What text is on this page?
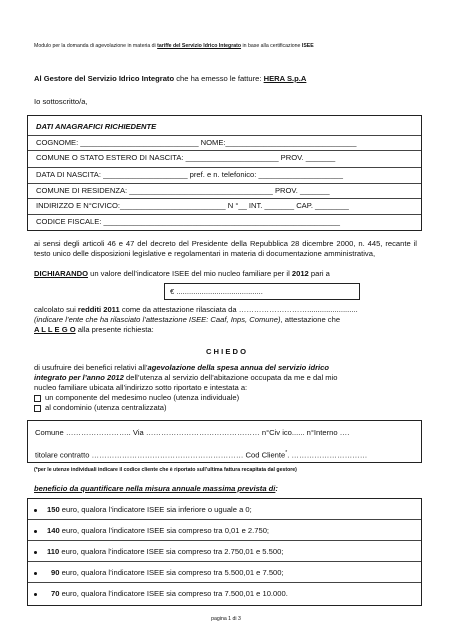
Modulo per la domanda di agevolazione in materia di tariffe del Servizio Idrico Integrato in base alla certificazione ISEE
Al Gestore del Servizio Idrico Integrato che ha emesso le fatture: HERA S.p.A
Io sottoscritto/a,
DATI ANAGRAFICI RICHIEDENTE
COGNOME: ____________________________ NOME:_______________________________
COMUNE O STATO ESTERO DI NASCITA: ______________________ PROV. _______
DATA DI NASCITA: ____________________ pref. e n. telefonico: ____________________
COMUNE DI RESIDENZA: __________________________________ PROV. _______
INDIRIZZO E N°CIVICO:_________________________ N °__ INT. _______ CAP. ________
CODICE FISCALE: ________________________________________________________
ai sensi degli articoli 46 e 47 del decreto del Presidente della Repubblica 28 dicembre 2000, n. 445, recante il testo unico delle disposizioni legislative e regolamentari in materia di documentazione amministrativa,
DICHIARANDO un valore dell’indicatore ISEE del mio nucleo familiare per il 2012 pari a
€ .........................................
calcolato sui redditi 2011 come da attestazione rilasciata da ………………………........................
(indicare l’ente che ha rilasciato l’attestazione ISEE: Caaf, Inps, Comune), attestazione che
A L L E G O alla presente richiesta:
C H I E D O
di usufruire dei benefici relativi all’agevolazione della spesa annua del servizio idrico
integrato per l’anno 2012 dell’utenza al servizio dell’abitazione occupata da me e dal mio
nucleo familiare ubicata all’indirizzo sotto riportato e intestata a:
un componente del medesimo nucleo (utenza individuale)
al condominio (utenza centralizzata)
Comune …………………….. Via ……………………………………… n°Civ ico...... n°Interno ….
titolare contratto …………………………………………………… Cod Cliente*. …………………………
(*per le utenze individuali indicare il codice cliente che è riportato sull’ultima fattura recapitata dal gestore)
beneficio da quantificare nella misura annuale massima prevista di:
150 euro, qualora l’indicatore ISEE sia inferiore o uguale a 0;
140 euro, qualora l’indicatore ISEE sia compreso tra 0,01 e 2.750;
110 euro, qualora l’indicatore ISEE sia compreso tra 2.750,01 e 5.500;
90 euro, qualora l’indicatore ISEE sia compreso tra 5.500,01 e 7.500;
70 euro, qualora l’indicatore ISEE sia compreso tra 7.500,01 e 10.000.
pagina 1 di 3
